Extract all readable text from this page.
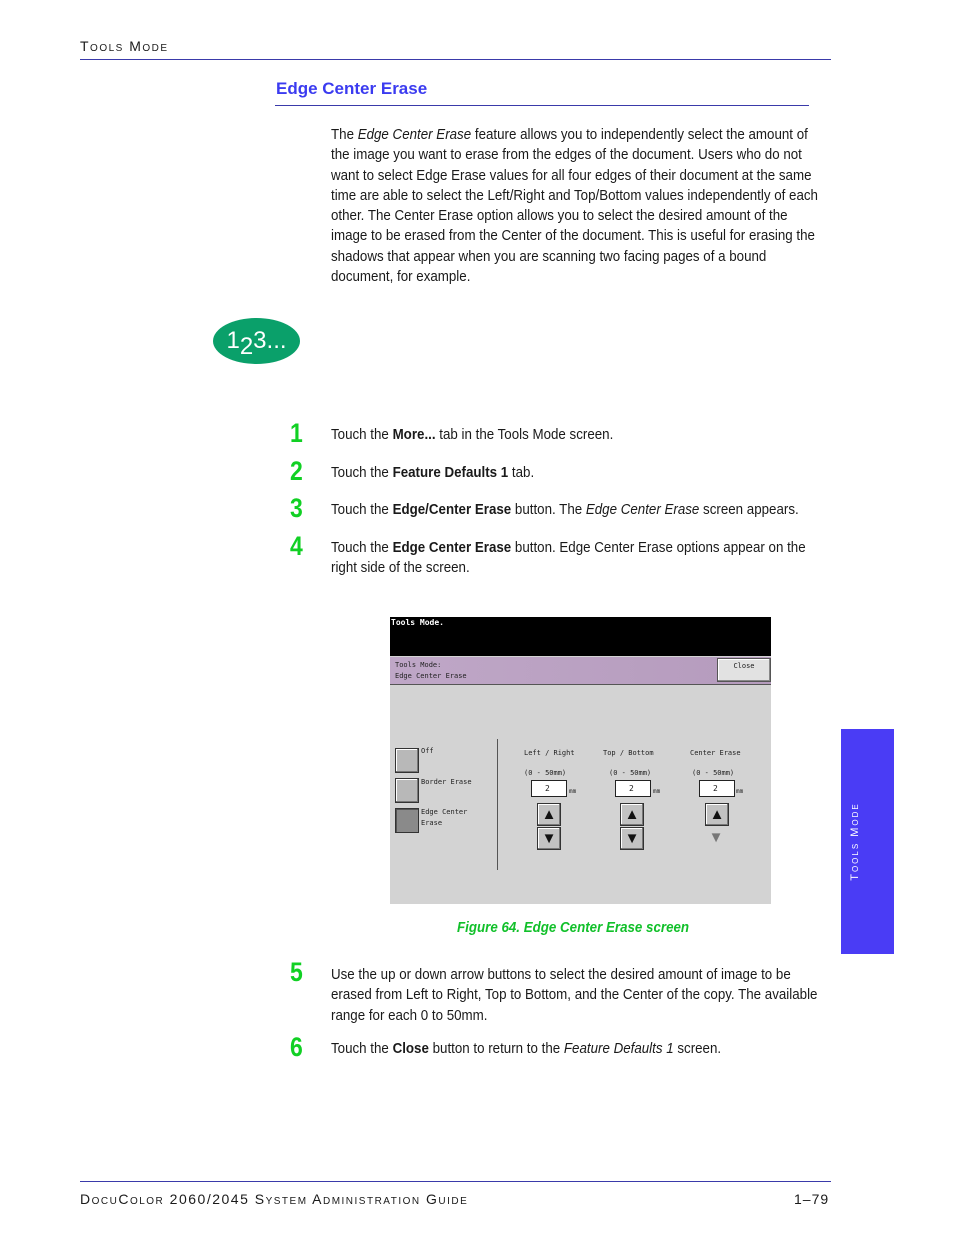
Tools Mode
Edge Center Erase
The Edge Center Erase feature allows you to independently select the amount of the image you want to erase from the edges of the document. Users who do not want to select Edge Erase values for all four edges of their document at the same time are able to select the Left/Right and Top/Bottom values independently of each other. The Center Erase option allows you to select the desired amount of the image to be erased from the Center of the document. This is useful for erasing the shadows that appear when you are scanning two facing pages of a bound document, for example.
123...
1 Touch the More... tab in the Tools Mode screen.
2 Touch the Feature Defaults 1 tab.
3 Touch the Edge/Center Erase button. The Edge Center Erase screen appears.
4 Touch the Edge Center Erase button. Edge Center Erase options appear on the right side of the screen.
Tools Mode.
Tools Mode:
Edge Center Erase
Close
Off
Border Erase
Edge Center Erase
Left / Right
(0 - 50mm)
2	mm
▲
▼
Top / Bottom
(0 - 50mm)
2	mm
▲
▼
Center Erase
(0 - 50mm)
2	mm
▲
▼
Figure 64. Edge Center Erase screen
5 Use the up or down arrow buttons to select the desired amount of image to be erased from Left to Right, Top to Bottom, and the Center of the copy. The available range for each 0 to 50mm.
6 Touch the Close button to return to the Feature Defaults 1 screen.
Tools Mode
DocuColor 2060/2045 System Administration Guide	1–79
